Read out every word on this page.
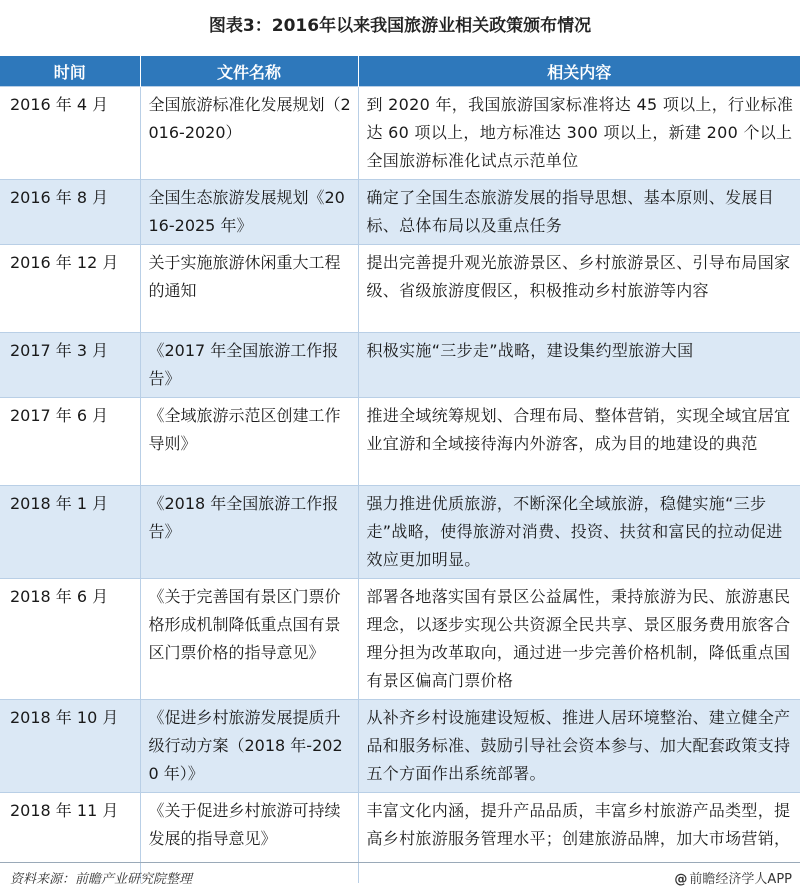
图表3：2016年以来我国旅游业相关政策颁布情况
时间	文件名称	相关内容
2016 年 4 月	全国旅游标准化发展规划（2016-2020）	到 2020 年，我国旅游国家标准将达 45 项以上，行业标准达 60 项以上，地方标准达 300 项以上，新建 200 个以上全国旅游标准化试点示范单位
2016 年 8 月	全国生态旅游发展规划《2016-2025 年》	确定了全国生态旅游发展的指导思想、基本原则、发展目标、总体布局以及重点任务
2016 年 12 月	关于实施旅游休闲重大工程的通知	提出完善提升观光旅游景区、乡村旅游景区、引导布局国家级、省级旅游度假区，积极推动乡村旅游等内容
2017 年 3 月	《2017 年全国旅游工作报告》	积极实施“三步走”战略，建设集约型旅游大国
2017 年 6 月	《全域旅游示范区创建工作导则》	推进全域统筹规划、合理布局、整体营销，实现全域宜居宜业宜游和全域接待海内外游客，成为目的地建设的典范
2018 年 1 月	《2018 年全国旅游工作报告》	强力推进优质旅游，不断深化全域旅游，稳健实施“三步走”战略，使得旅游对消费、投资、扶贫和富民的拉动促进效应更加明显。
2018 年 6 月	《关于完善国有景区门票价格形成机制降低重点国有景区门票价格的指导意见》	部署各地落实国有景区公益属性，秉持旅游为民、旅游惠民理念，以逐步实现公共资源全民共享、景区服务费用旅客合理分担为改革取向，通过进一步完善价格机制，降低重点国有景区偏高门票价格
2018 年 10 月	《促进乡村旅游发展提质升级行动方案（2018 年-2020 年）》	从补齐乡村设施建设短板、推进人居环境整治、建立健全产品和服务标准、鼓励引导社会资本参与、加大配套政策支持五个方面作出系统部署。
2018 年 11 月	《关于促进乡村旅游可持续发展的指导意见》	丰富文化内涵，提升产品品质，丰富乡村旅游产品类型，提高乡村旅游服务管理水平；创建旅游品牌，加大市场营销，
资料来源：前瞻产业研究院整理	@ 前瞻经济学人APP
